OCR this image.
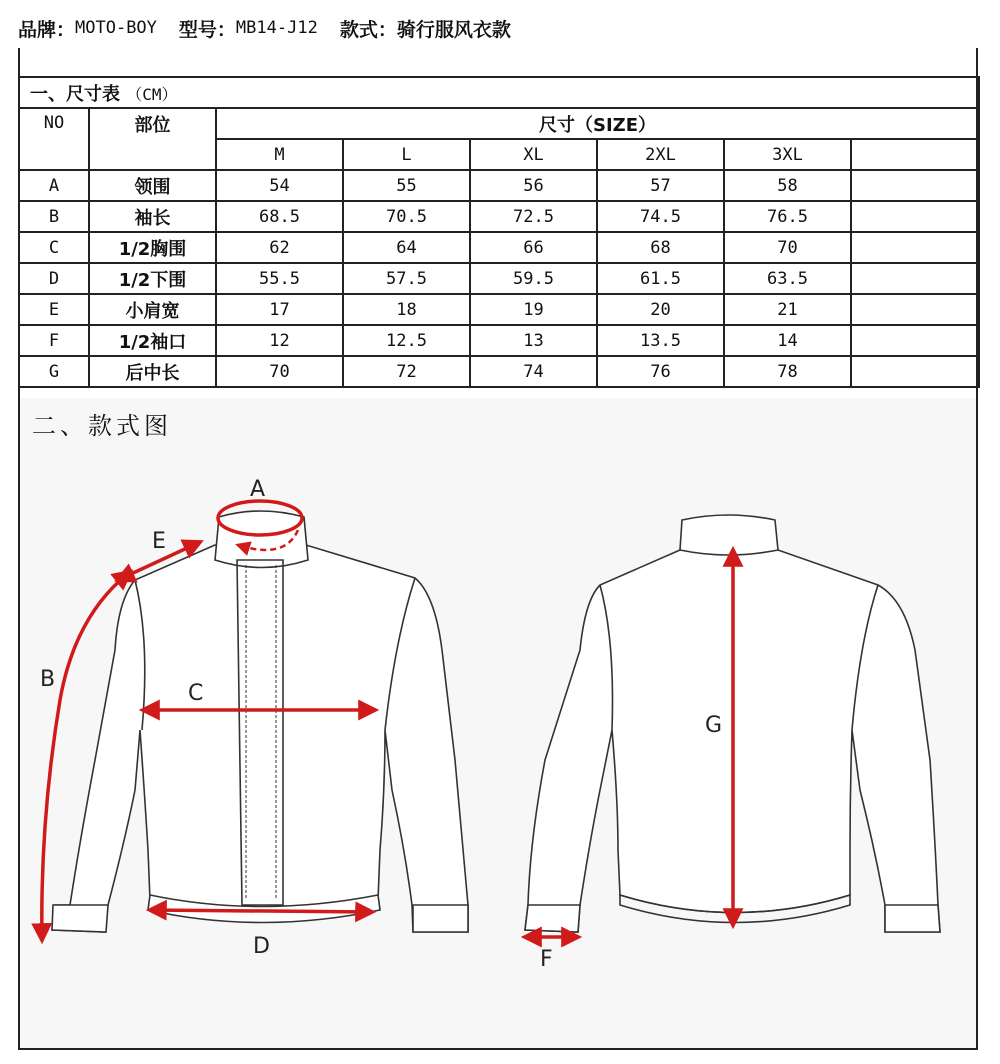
品牌： MOTO-BOY 型号： MB14-J12 款式： 骑行服风衣款
一、尺寸表 （CM）							
NO	部位	尺寸（SIZE）					
		M	L	XL	2XL	3XL	
A	领围	54	55	56	57	58	
B	袖长	68.5	70.5	72.5	74.5	76.5	
C	1/2胸围	62	64	66	68	70	
D	1/2下围	55.5	57.5	59.5	61.5	63.5	
E	小肩宽	17	18	19	20	21	
F	1/2袖口	12	12.5	13	13.5	14	
G	后中长	70	72	74	76	78	
二、款式图
A
E
B
C
D
F
G
